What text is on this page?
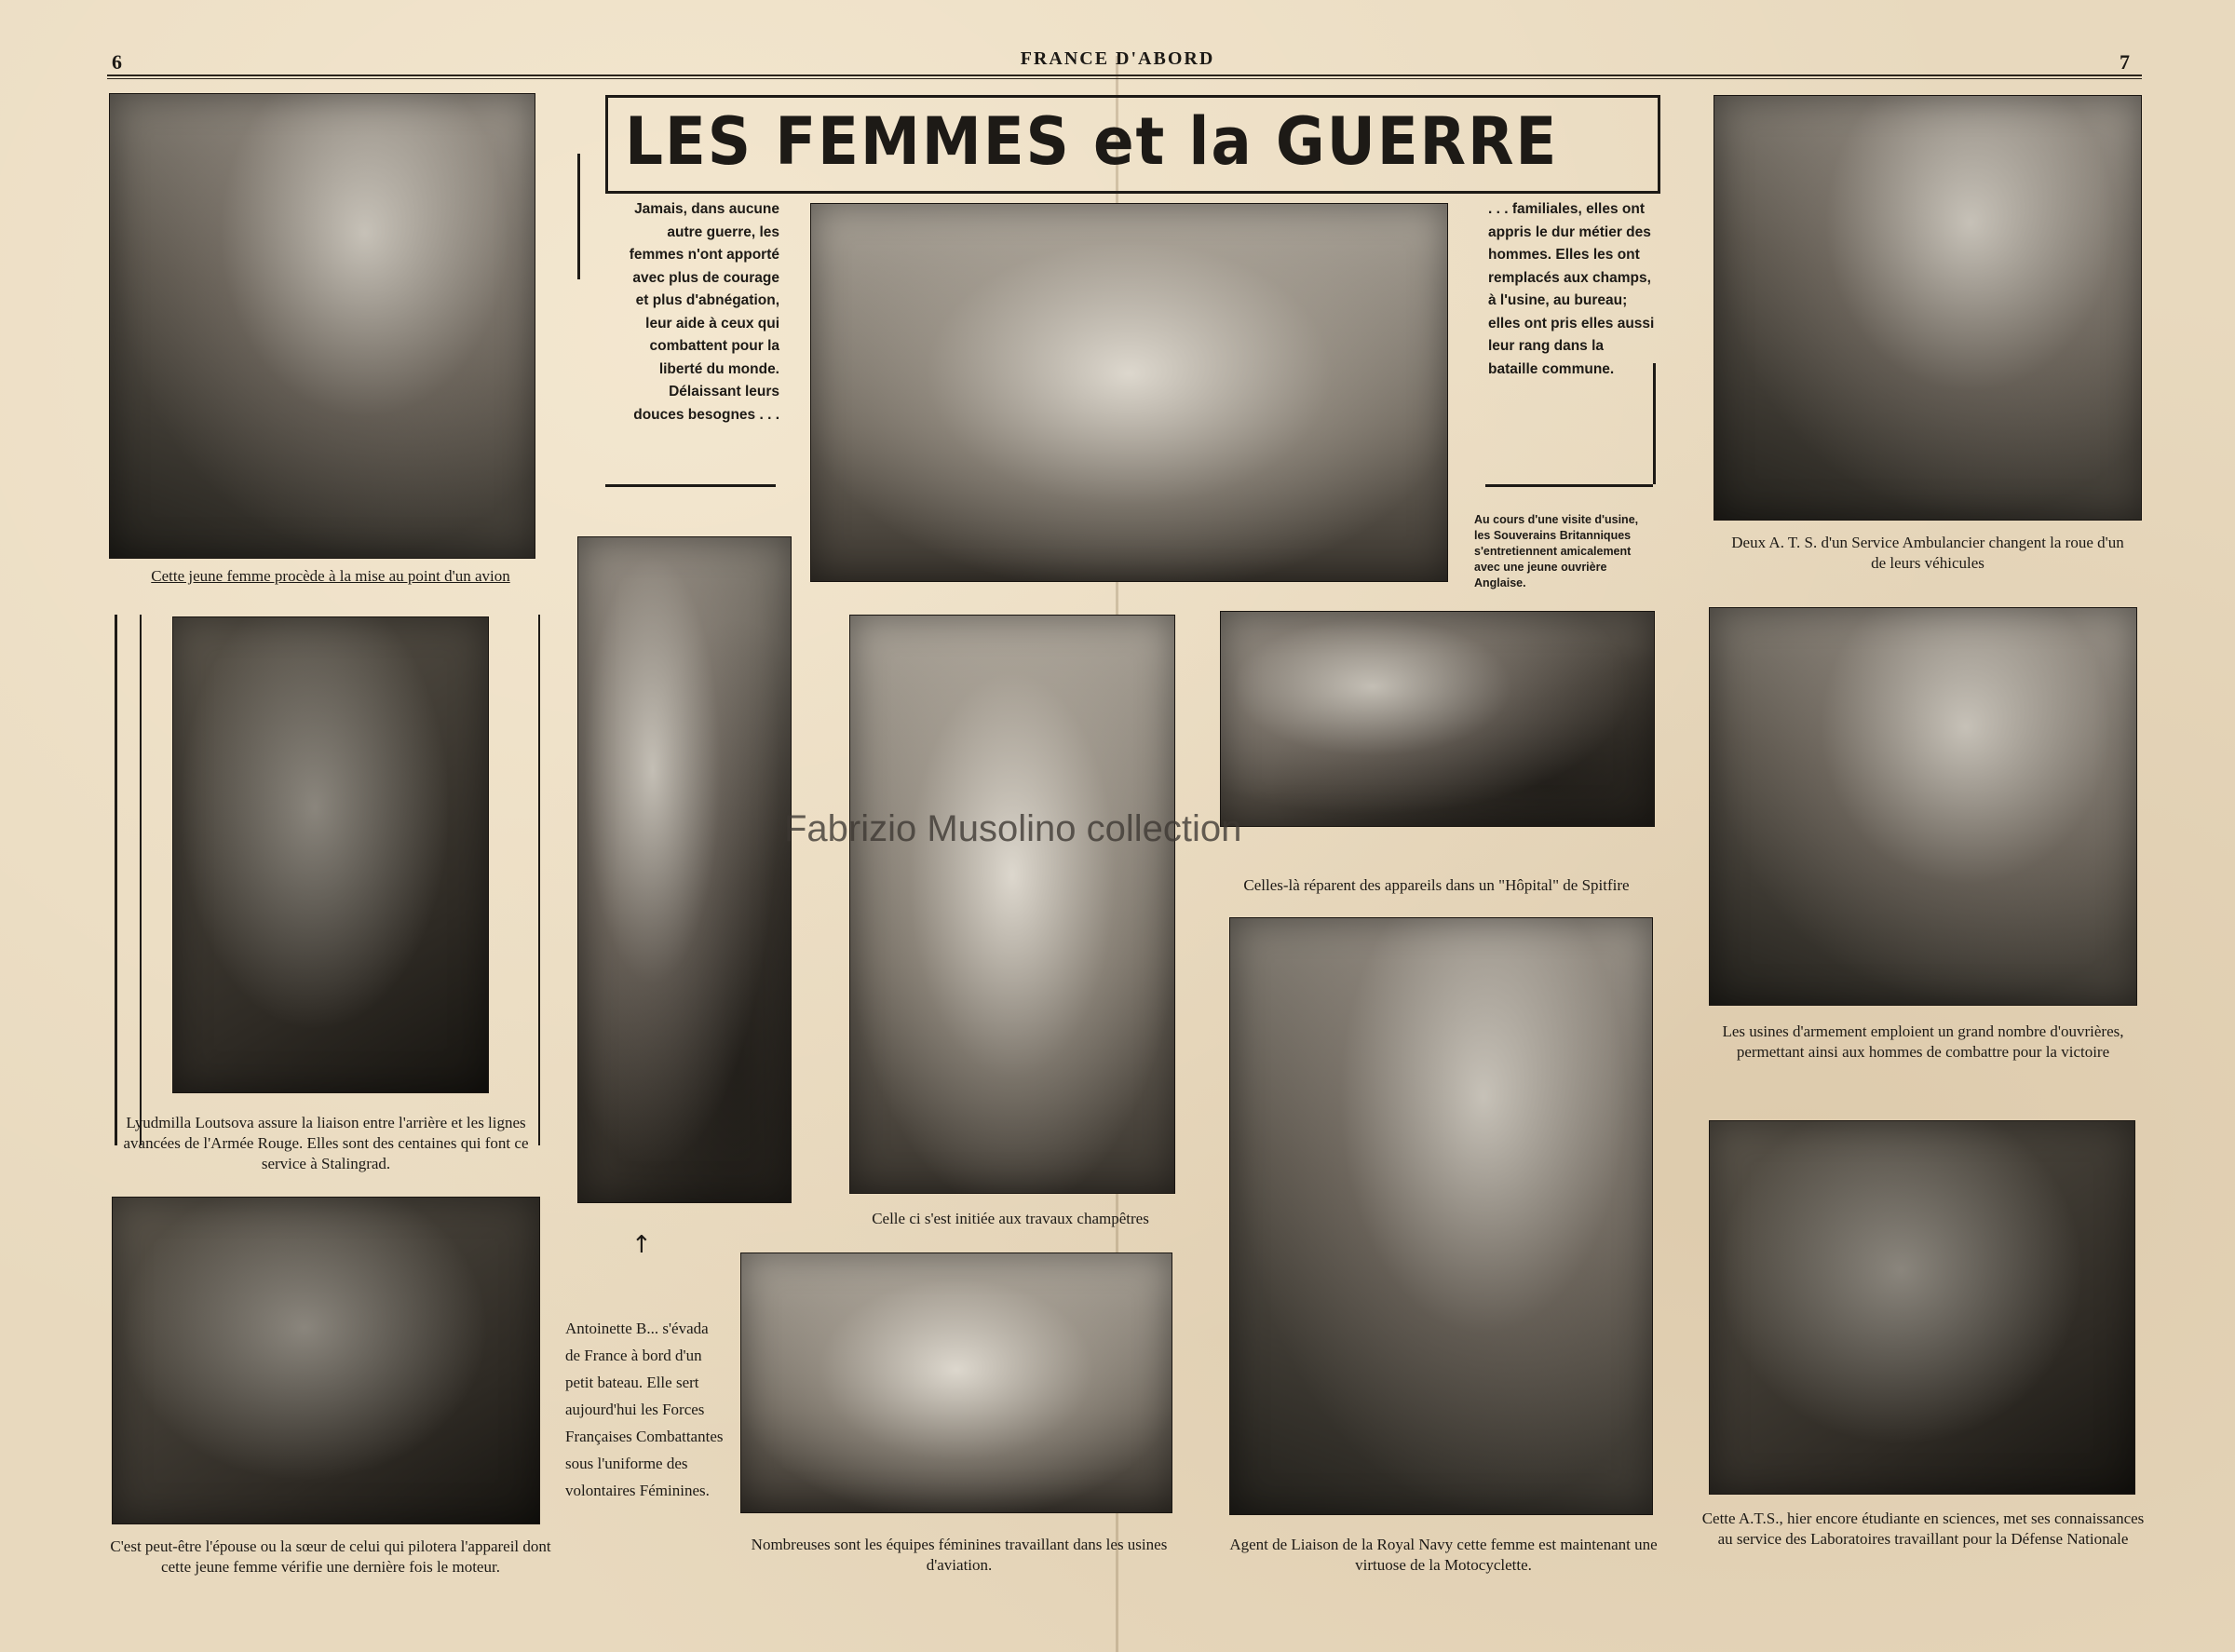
6	FRANCE D'ABORD	7
Cette jeune femme procède à la mise au point d'un avion
LES FEMMES et la GUERRE
Jamais, dans aucune autre guerre, les femmes n'ont apporté avec plus de courage et plus d'abnégation, leur aide à ceux qui combattent pour la liberté du monde. Délaissant leurs douces besognes . . .
. . . familiales, elles ont appris le dur métier des hommes. Elles les ont remplacés aux champs, à l'usine, au bureau; elles ont pris elles aussi leur rang dans la bataille commune.
Au cours d'une visite d'usine, les Souverains Britanniques s'entretiennent amicalement avec une jeune ouvrière Anglaise.
Deux A. T. S. d'un Service Ambulancier changent la roue d'un de leurs véhicules
Lyudmilla Loutsova assure la liaison entre l'arrière et les lignes avancées de l'Armée Rouge. Elles sont des centaines qui font ce service à Stalingrad.
Celle ci s'est initiée aux travaux champêtres
Celles-là réparent des appareils dans un "Hôpital" de Spitfire
Les usines d'armement emploient un grand nombre d'ouvrières, permettant ainsi aux hommes de combattre pour la victoire
C'est peut-être l'épouse ou la sœur de celui qui pilotera l'appareil dont cette jeune femme vérifie une dernière fois le moteur.
↑
Antoinette B... s'évada de France à bord d'un petit bateau. Elle sert aujourd'hui les Forces Françaises Combattantes sous l'uniforme des volontaires Féminines.
Nombreuses sont les équipes féminines travaillant dans les usines d'aviation.
Agent de Liaison de la Royal Navy cette femme est maintenant une virtuose de la Motocyclette.
Cette A.T.S., hier encore étudiante en sciences, met ses connaissances au service des Laboratoires travaillant pour la Défense Nationale
Fabrizio Musolino collection
